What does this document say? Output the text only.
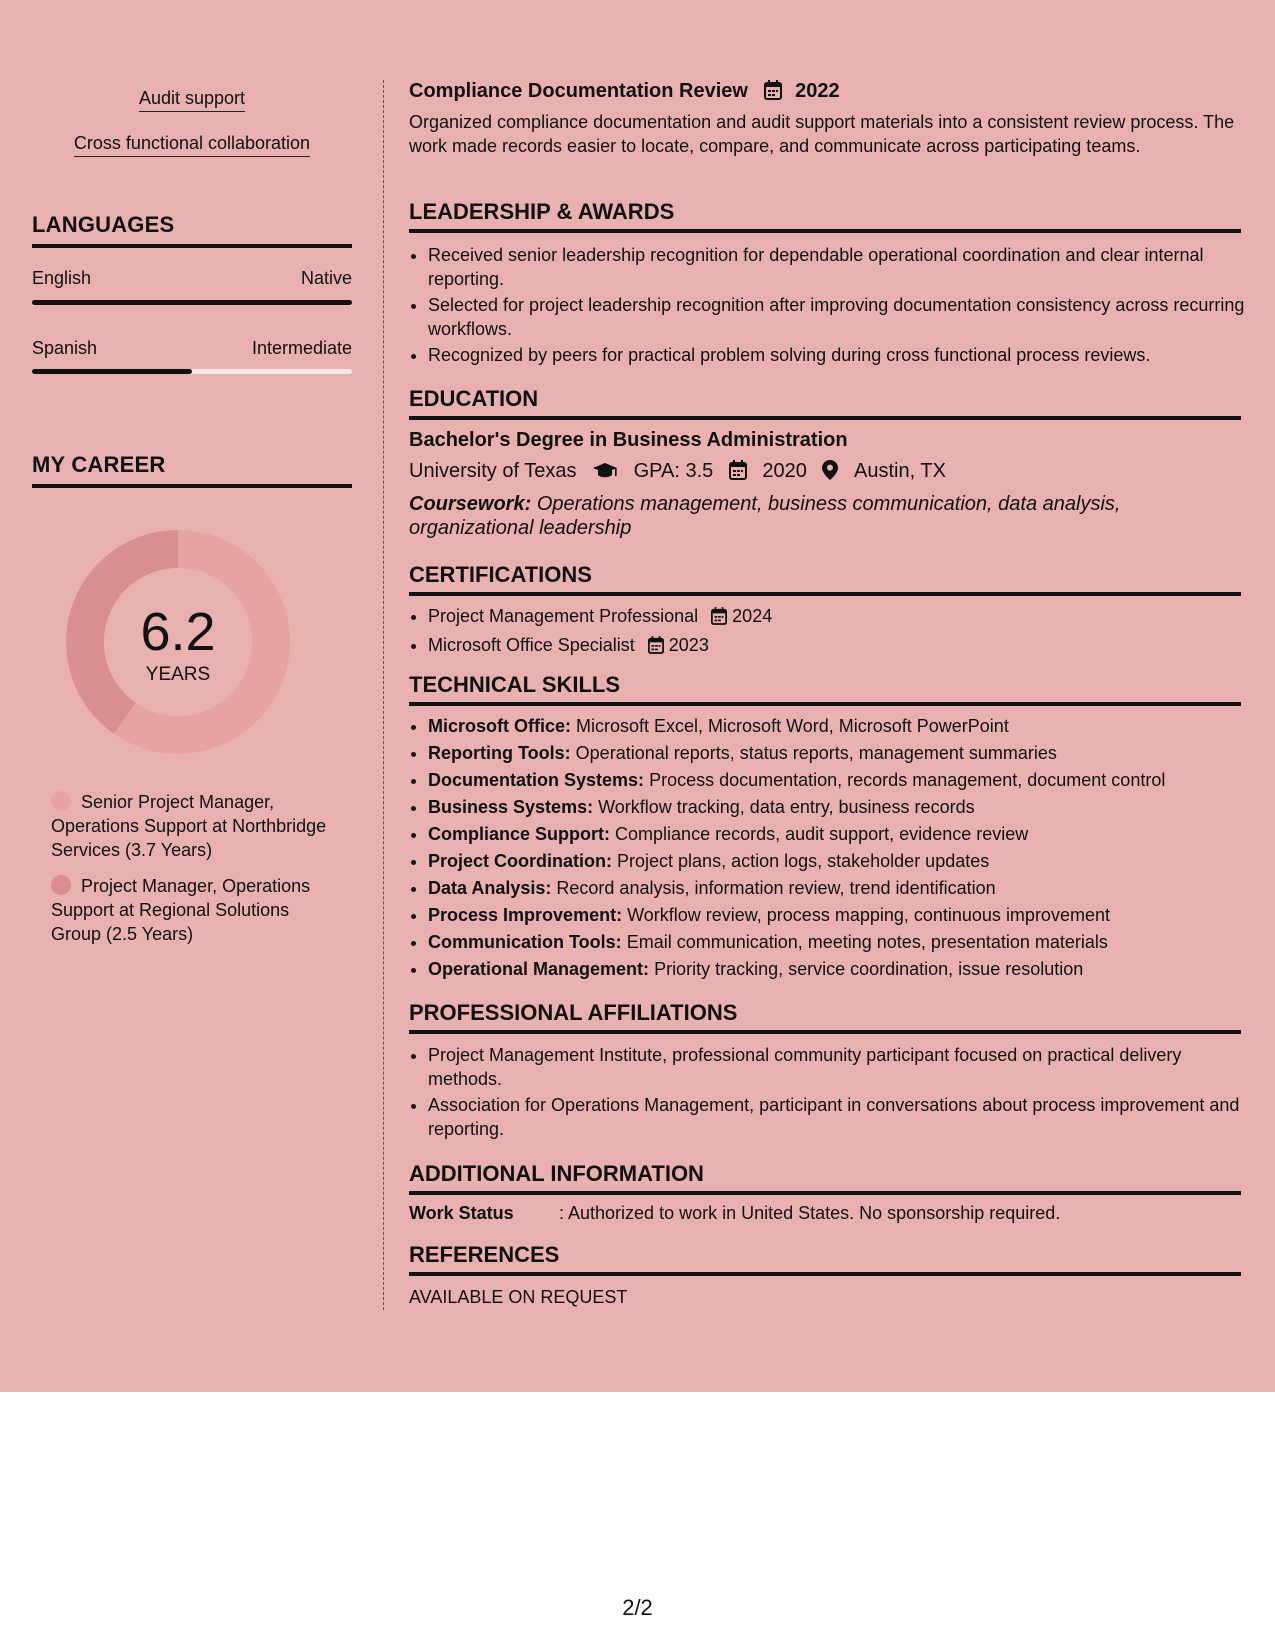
Audit support
Cross functional collaboration
LANGUAGES
English	Native
Spanish	Intermediate
MY CAREER
6.2
YEARS
Senior Project Manager, Operations Support at Northbridge Services (3.7 Years)
Project Manager, Operations Support at Regional Solutions Group (2.5 Years)
Compliance Documentation Review 2022
Organized compliance documentation and audit support materials into a consistent review process. The work made records easier to locate, compare, and communicate across participating teams.
LEADERSHIP & AWARDS
• Received senior leadership recognition for dependable operational coordination and clear internal reporting.
• Selected for project leadership recognition after improving documentation consistency across recurring workflows.
• Recognized by peers for practical problem solving during cross functional process reviews.
EDUCATION
Bachelor's Degree in Business Administration
University of Texas	GPA: 3.5 2020 Austin, TX
Coursework: Operations management, business communication, data analysis, organizational leadership
CERTIFICATIONS
• Project Management Professional 2024
• Microsoft Office Specialist 2023
TECHNICAL SKILLS
• Microsoft Office: Microsoft Excel, Microsoft Word, Microsoft PowerPoint
• Reporting Tools: Operational reports, status reports, management summaries
• Documentation Systems: Process documentation, records management, document control
• Business Systems: Workflow tracking, data entry, business records
• Compliance Support: Compliance records, audit support, evidence review
• Project Coordination: Project plans, action logs, stakeholder updates
• Data Analysis: Record analysis, information review, trend identification
• Process Improvement: Workflow review, process mapping, continuous improvement
• Communication Tools: Email communication, meeting notes, presentation materials
• Operational Management: Priority tracking, service coordination, issue resolution
PROFESSIONAL AFFILIATIONS
• Project Management Institute, professional community participant focused on practical delivery methods.
• Association for Operations Management, participant in conversations about process improvement and reporting.
ADDITIONAL INFORMATION
Work Status	: Authorized to work in United States. No sponsorship required.
REFERENCES
AVAILABLE ON REQUEST
2/2
